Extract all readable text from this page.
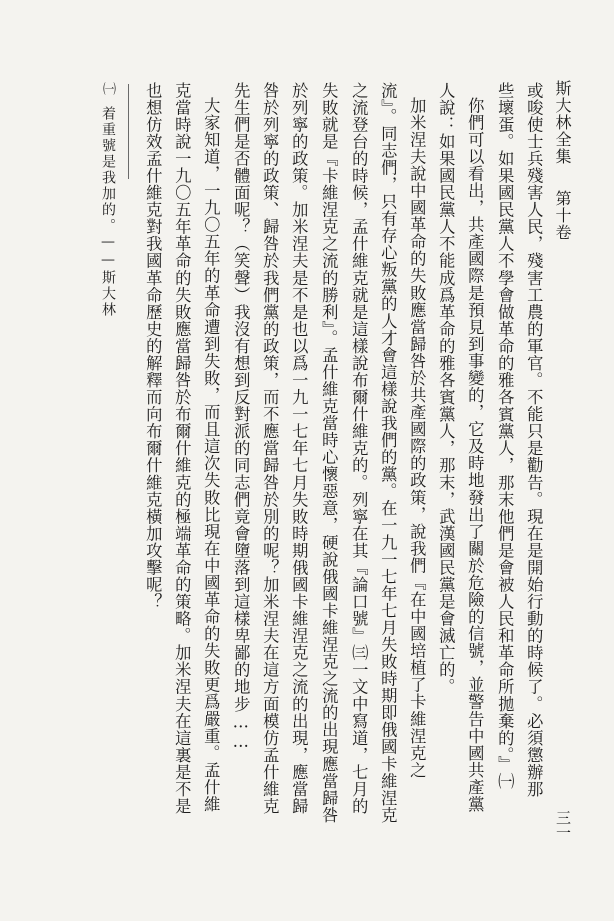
斯大林全集
第十卷
三一
或唆使士兵殘害人民，殘害工農的軍官。不能只是勸告。現在是開始行動的時候了。必須懲辦那
些壞蛋。如果國民黨人不學會做革命的雅各賓黨人，那末他們是會被人民和革命所拋棄的。』㈠
你們可以看出，共產國際是預見到事變的，它及時地發出了關於危險的信號，並警告中國共產黨
人說：如果國民黨人不能成爲革命的雅各賓黨人，那末，武漢國民黨是會滅亡的。
加米涅夫說中國革命的失敗應當歸咎於共產國際的政策，說我們『在中國培植了卡維涅克之
流』。同志們，只有存心叛黨的人才會這樣說我們的黨。在一九一七年七月失敗時期即俄國卡維涅克
之流登台的時候，孟什維克就是這樣說布爾什維克的。列寧在其『論口號』㈢一文中寫道，七月的
失敗就是『卡維涅克之流的勝利』。孟什維克當時心懷惡意，硬說俄國卡維涅克之流的出現應當歸咎
於列寧的政策。加米涅夫是不是也以爲一九一七年七月失敗時期俄國卡維涅克之流的出現，應當歸
咎於列寧的政策、歸咎於我們黨的政策，而不應當歸咎於別的呢？加米涅夫在這方面模仿孟什維克
先生們是否體面呢？（笑聲）我沒有想到反對派的同志們竟會墮落到這樣卑鄙的地步……
大家知道，一九〇五年的革命遭到失敗，而且這次失敗比現在中國革命的失敗更爲嚴重。孟什維
克當時說一九〇五年革命的失敗應當歸咎於布爾什維克的極端革命的策略。加米涅夫在這裏是不是
也想仿效孟什維克對我國革命歷史的解釋而向布爾什維克橫加攻擊呢？
㈠
着重號是我加的。——斯大林
